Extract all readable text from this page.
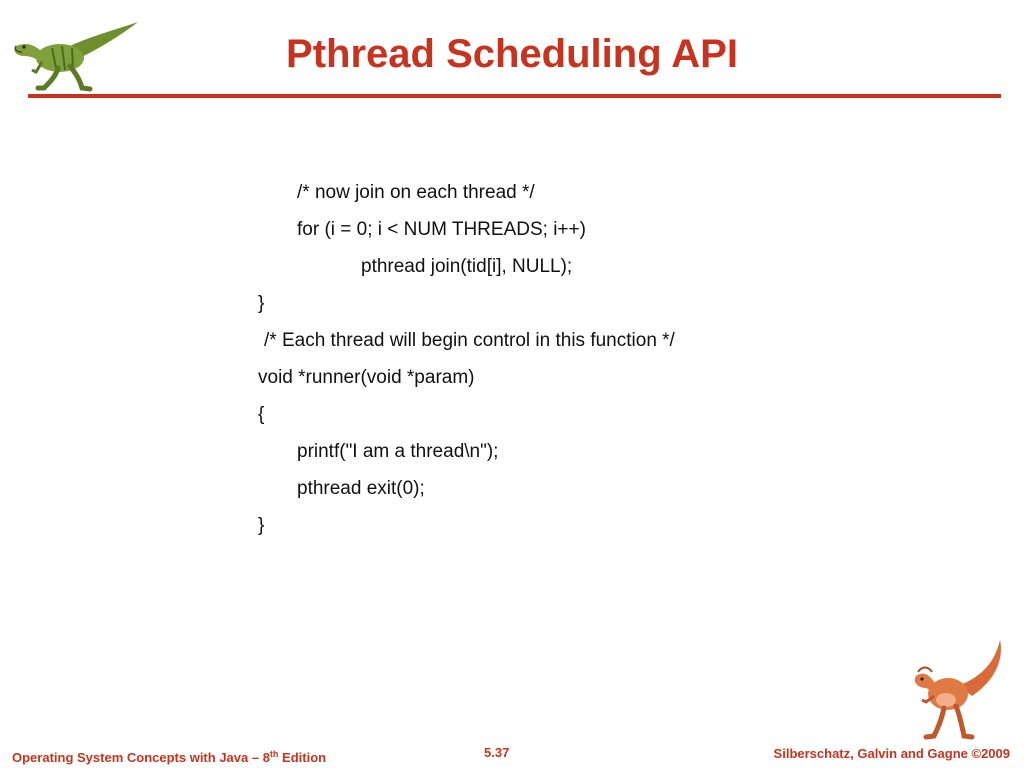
Pthread Scheduling API
/* now join on each thread */
for (i = 0; i < NUM THREADS; i++)
pthread join(tid[i], NULL);
}
/* Each thread will begin control in this function */
void *runner(void *param)
{
printf("I am a thread\n");
pthread exit(0);
}
Operating System Concepts with Java – 8th Edition	5.37	Silberschatz, Galvin and Gagne ©2009
